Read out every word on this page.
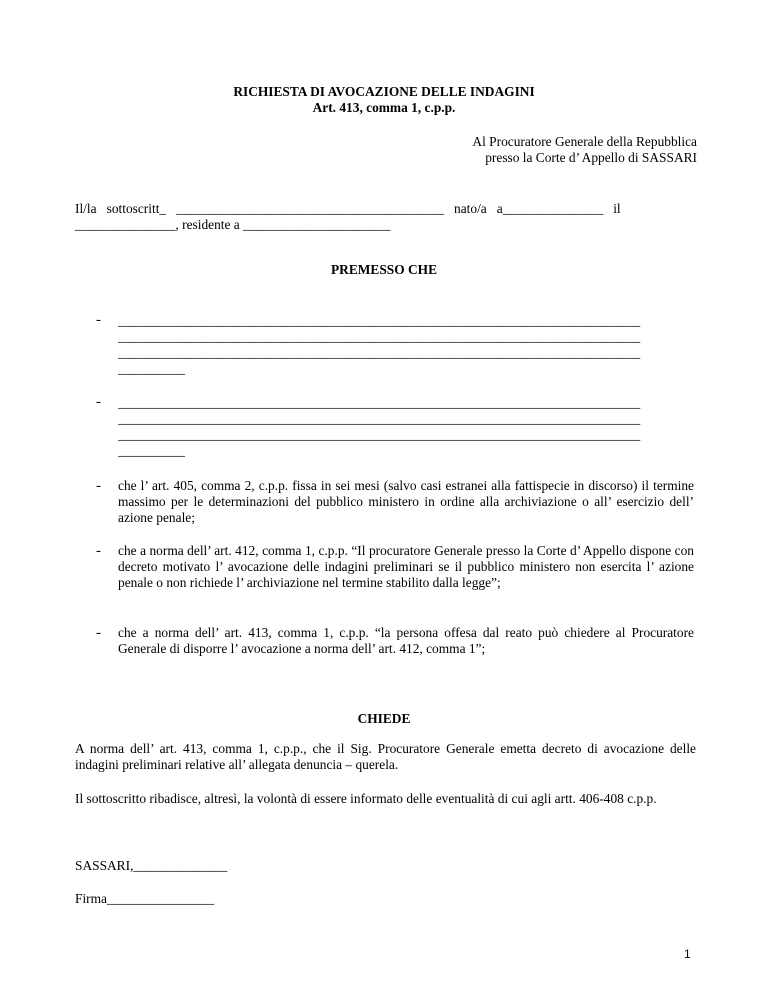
RICHIESTA DI AVOCAZIONE DELLE INDAGINI
Art. 413, comma 1, c.p.p.
Al Procuratore Generale della Repubblica
presso la Corte d’ Appello di SASSARI
Il/la   sottoscritt_   ________________________________________   nato/a   a_______________   il
_______________, residente a ______________________
PREMESSO CHE
- ______________________________________________________________________________
______________________________________________________________________________
______________________________________________________________________________
__________
- ______________________________________________________________________________
______________________________________________________________________________
______________________________________________________________________________
__________
- che l’ art. 405, comma 2, c.p.p. fissa in sei mesi (salvo casi estranei alla fattispecie in discorso) il termine massimo per le determinazioni del pubblico ministero in ordine alla archiviazione o all’ esercizio dell’ azione penale;
- che a norma dell’ art. 412, comma 1, c.p.p. “Il procuratore Generale presso la Corte d’ Appello dispone con decreto motivato l’ avocazione delle indagini preliminari se il pubblico ministero non esercita l’ azione penale o non richiede l’ archiviazione nel termine stabilito dalla legge”;
- che a norma dell’ art. 413, comma 1, c.p.p. “la persona offesa dal reato può chiedere al Procuratore Generale di disporre l’ avocazione a norma dell’ art. 412, comma 1”;
CHIEDE
A norma dell’ art. 413, comma 1, c.p.p., che il Sig. Procuratore Generale emetta decreto di avocazione delle indagini preliminari relative all’ allegata denuncia – querela.
Il sottoscritto ribadisce, altresì, la volontà di essere informato delle eventualità di cui agli artt. 406-408 c.p.p.
SASSARI,______________
Firma________________
1
